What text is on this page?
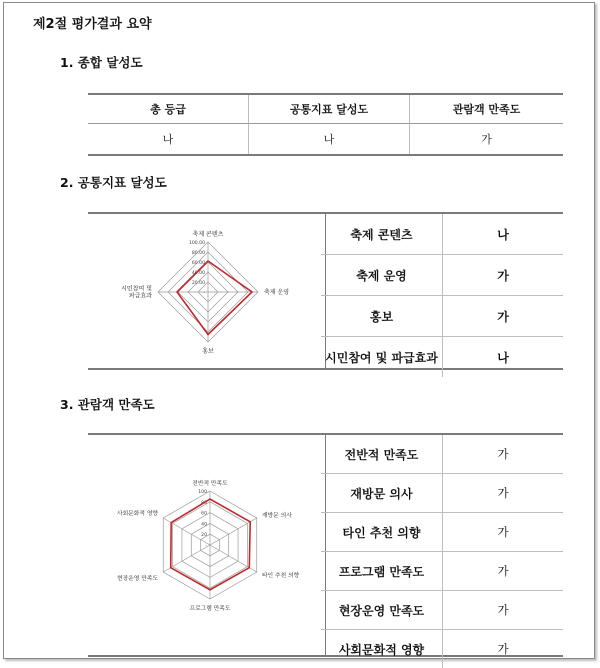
제2절 평가결과 요약
1. 종합 달성도
총 등급	공통지표 달성도	관람객 만족도
나	나	가
2. 공통지표 달성도
-
20.00
40.00
60.00
80.00
100.00
축제 콘텐츠
축제 운영
홍보
시민참여 및
파급효과
축제 콘텐츠	나
축제 운영	가
홍보	가
시민참여 및 파급효과	나
3. 관람객 만족도
-
20
40
60
80
100
전반적 만족도
재방문 의사
타인 추천 의향
프로그램 만족도
현장운영 만족도
사회문화적 영향
전반적 만족도	가
재방문 의사	가
타인 추천 의향	가
프로그램 만족도	가
현장운영 만족도	가
사회문화적 영향	가
